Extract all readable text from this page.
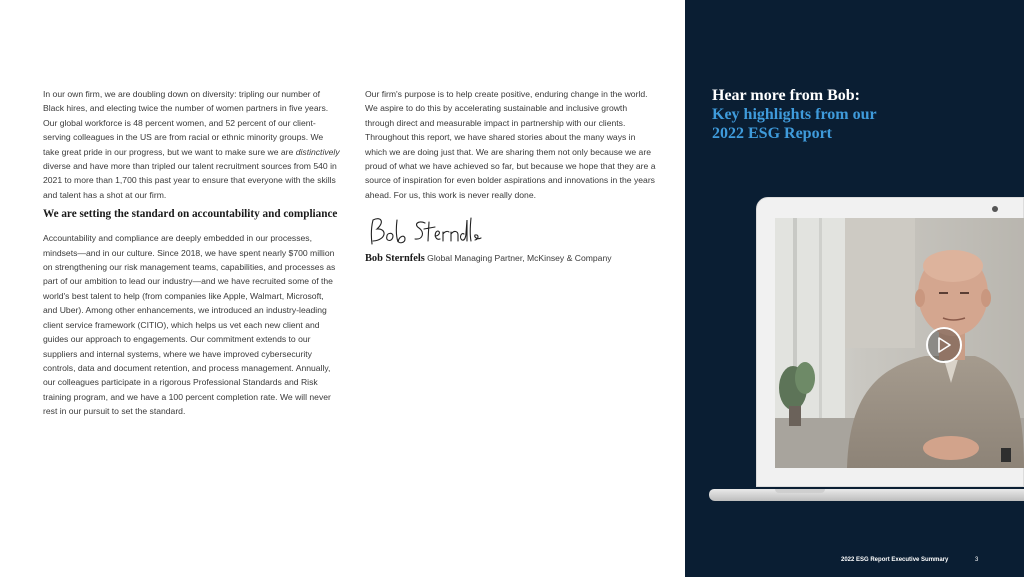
In our own firm, we are doubling down on diversity: tripling our number of Black hires, and electing twice the number of women partners in five years. Our global workforce is 48 percent women, and 52 percent of our client-serving colleagues in the US are from racial or ethnic minority groups. We take great pride in our progress, but we want to make sure we are distinctively diverse and have more than tripled our talent recruitment sources from 540 in 2021 to more than 1,700 this past year to ensure that everyone with the skills and talent has a shot at our firm.

We are setting the standard on accountability and compliance

Accountability and compliance are deeply embedded in our processes, mindsets—and in our culture. Since 2018, we have spent nearly $700 million on strengthening our risk management teams, capabilities, and processes as part of our ambition to lead our industry—and we have recruited some of the world's best talent to help (from companies like Apple, Walmart, Microsoft, and Uber). Among other enhancements, we introduced an industry-leading client service framework (CITIO), which helps us vet each new client and guides our approach to engagements. Our commitment extends to our suppliers and internal systems, where we have improved cybersecurity controls, data and document retention, and process management. Annually, our colleagues participate in a rigorous Professional Standards and Risk training program, and we have a 100 percent completion rate. We will never rest in our pursuit to set the standard.

Our firm's purpose is to help create positive, enduring change in the world. We aspire to do this by accelerating sustainable and inclusive growth through direct and measurable impact in partnership with our clients. Throughout this report, we have shared stories about the many ways in which we are doing just that. We are sharing them not only because we are proud of what we have achieved so far, but because we hope that they are a source of inspiration for even bolder aspirations and innovations in the years ahead. For us, this work is never really done.

Bob Sternfels Global Managing Partner, McKinsey & Company
Hear more from Bob:
Key highlights from our
2022 ESG Report
2022 ESG Report Executive Summary	3
